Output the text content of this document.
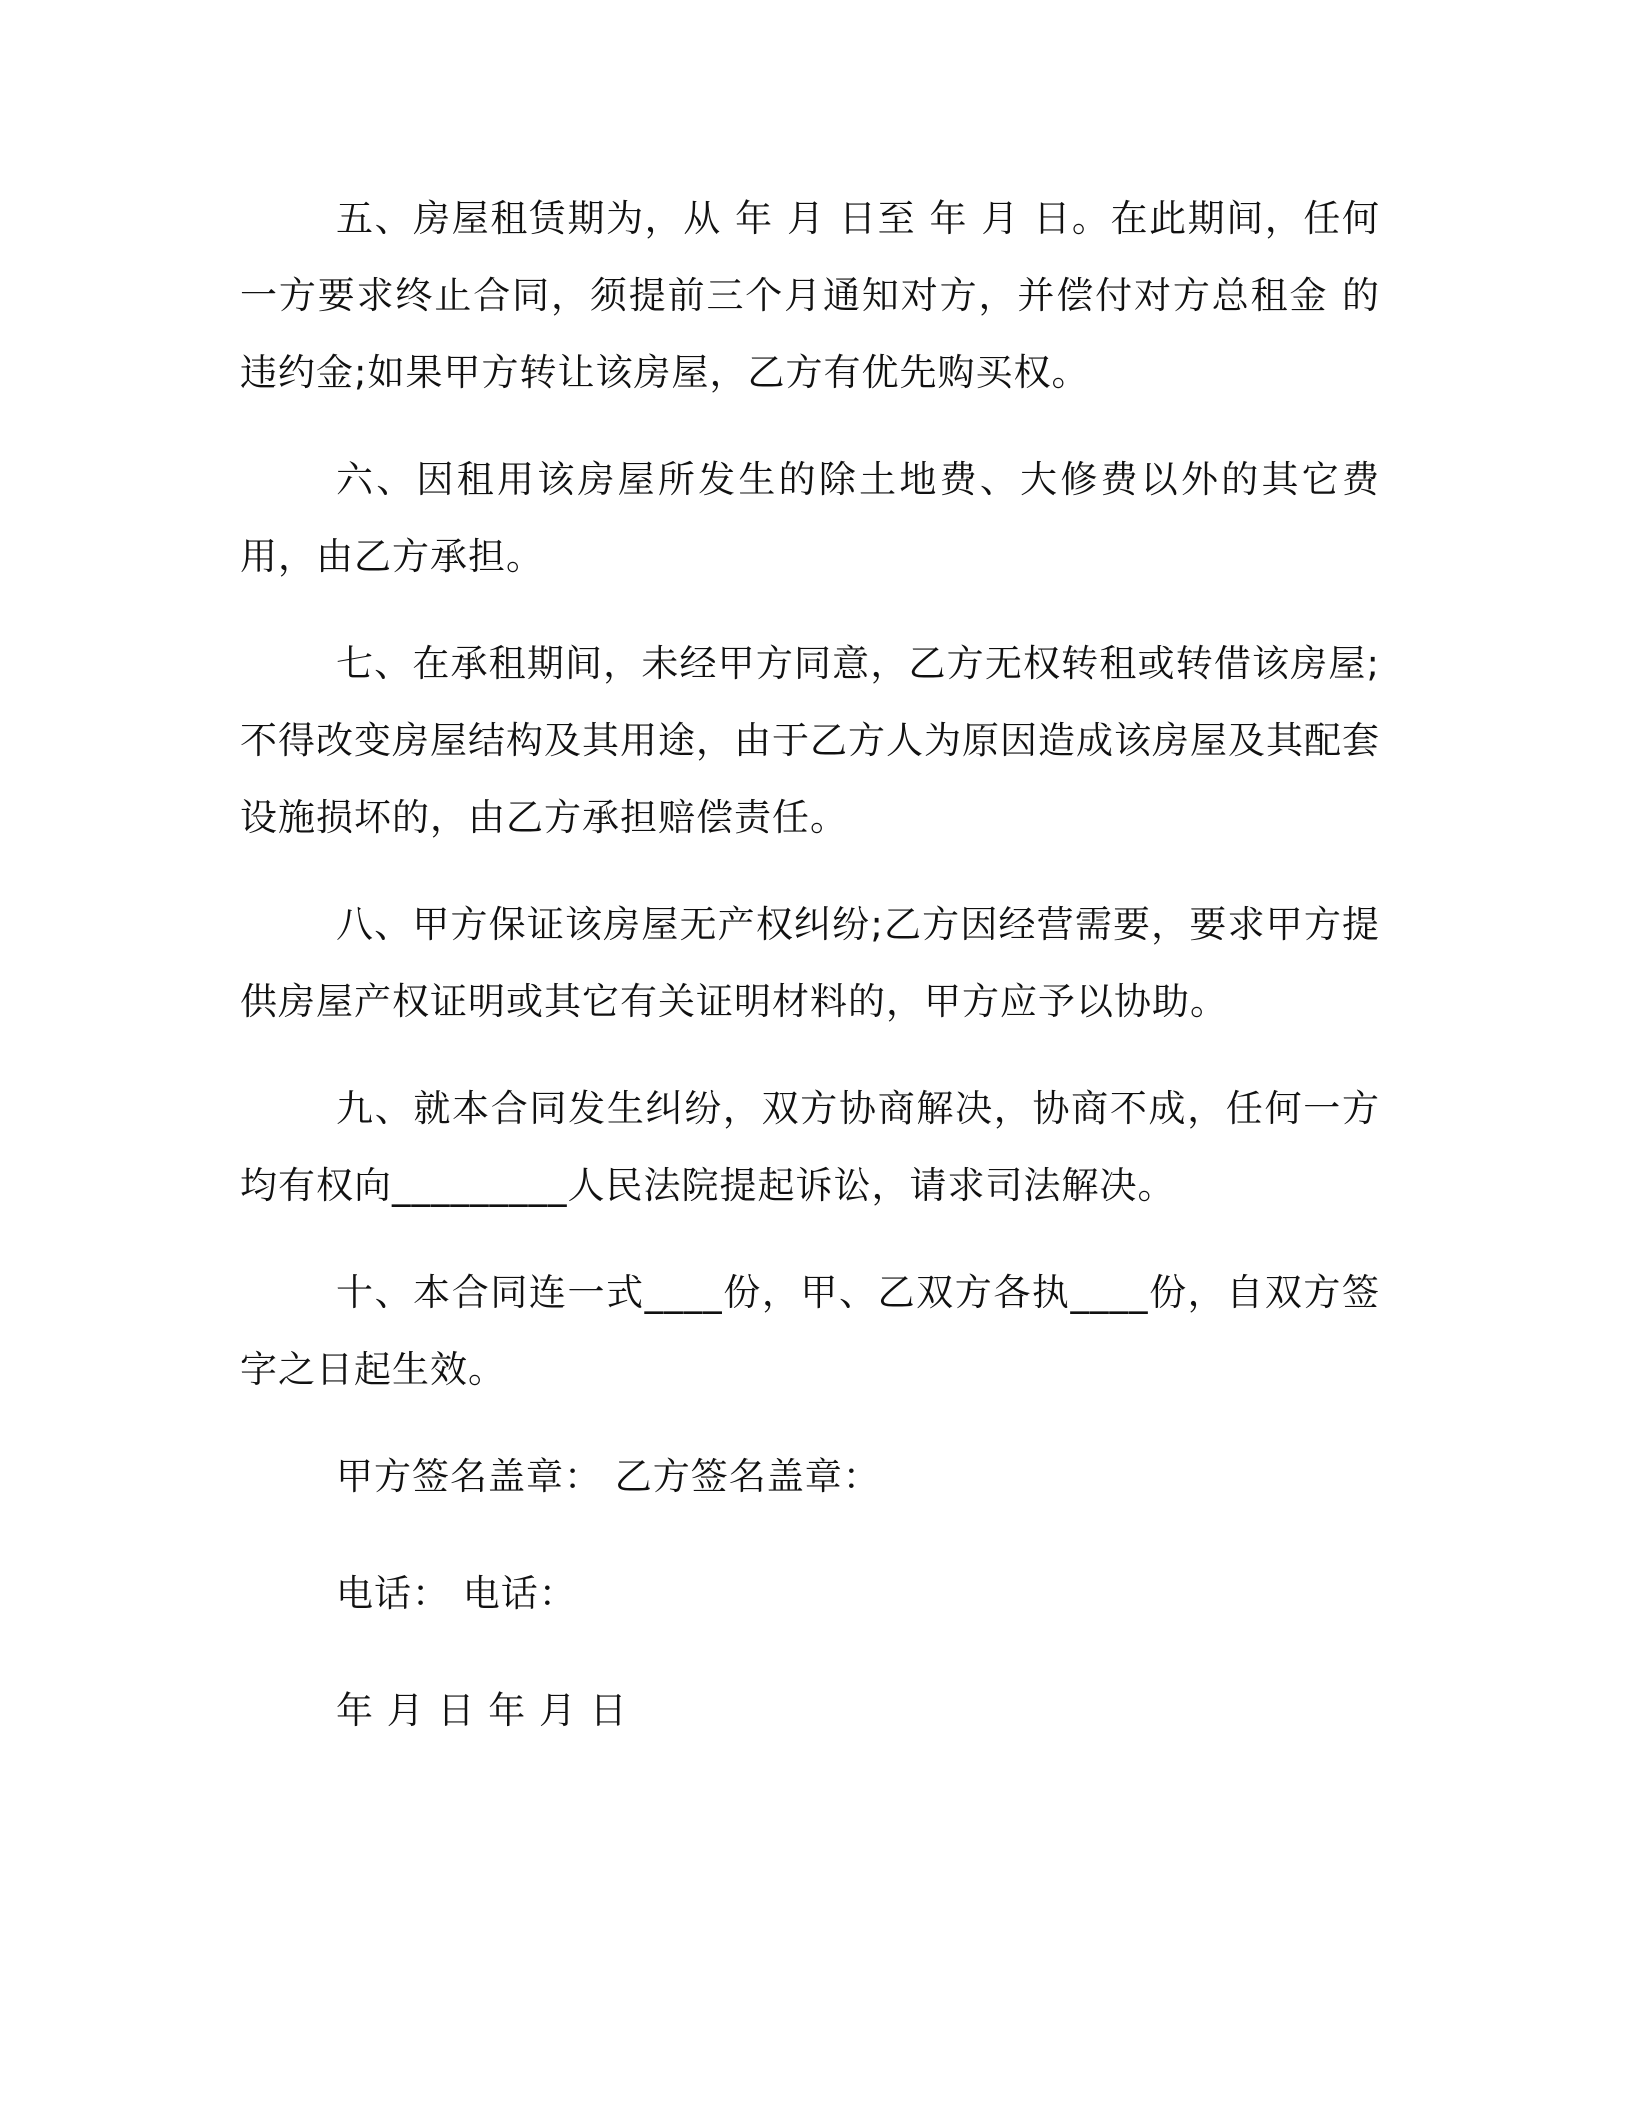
五、房屋租赁期为，从 年 月 日至 年 月 日。在此期间，任何一方要求终止合同，须提前三个月通知对方，并偿付对方总租金 的违约金;如果甲方转让该房屋，乙方有优先购买权。

六、因租用该房屋所发生的除土地费、大修费以外的其它费用，由乙方承担。

七、在承租期间，未经甲方同意，乙方无权转租或转借该房屋;不得改变房屋结构及其用途，由于乙方人为原因造成该房屋及其配套设施损坏的，由乙方承担赔偿责任。

八、甲方保证该房屋无产权纠纷;乙方因经营需要，要求甲方提供房屋产权证明或其它有关证明材料的，甲方应予以协助。

九、就本合同发生纠纷，双方协商解决，协商不成，任何一方均有权向_________人民法院提起诉讼，请求司法解决。

十、本合同连一式____份，甲、乙双方各执____份，自双方签字之日起生效。

甲方签名盖章： 乙方签名盖章：

电话： 电话：

年 月 日 年 月 日
